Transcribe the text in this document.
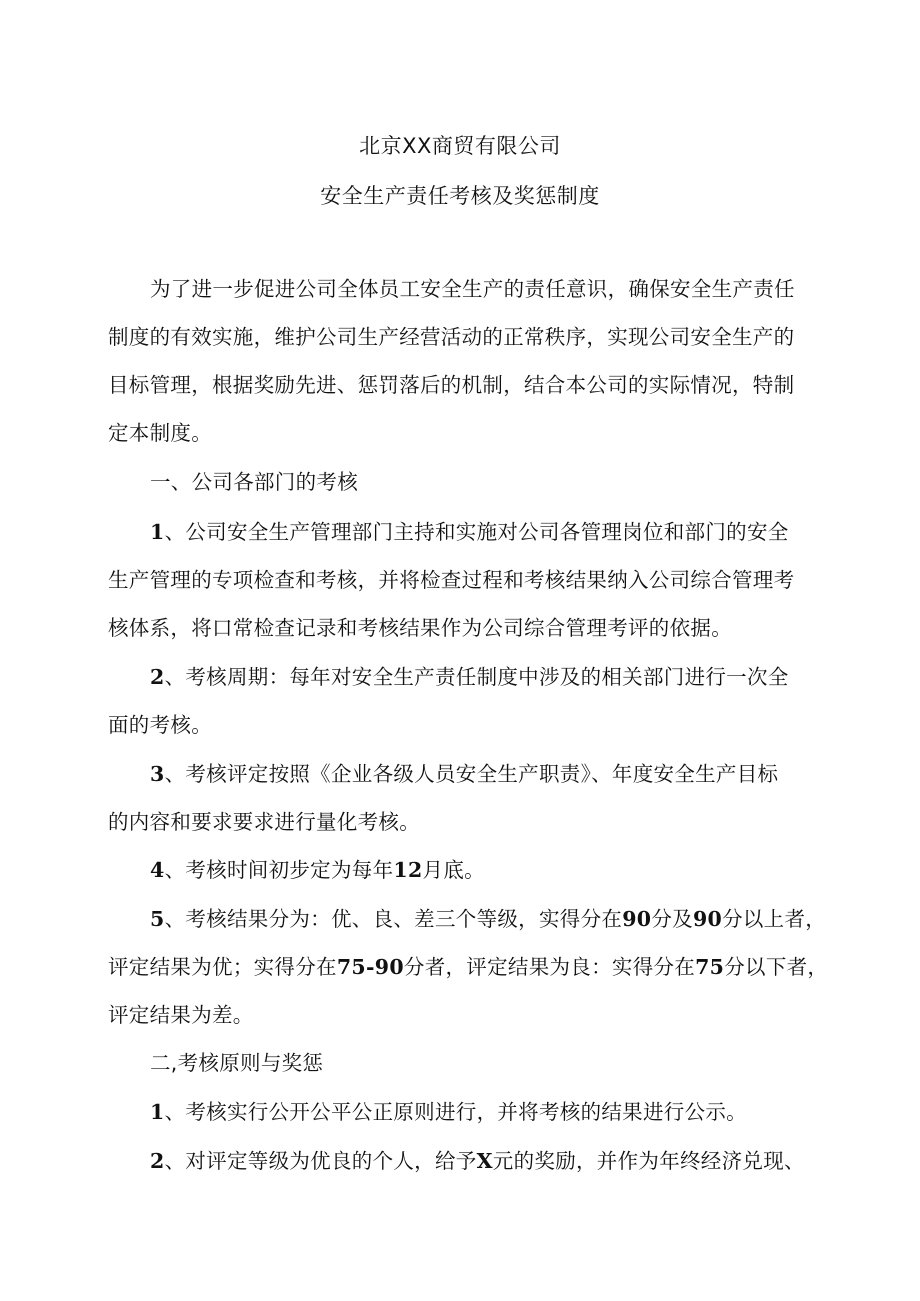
北京XX商贸有限公司
安全生产责任考核及奖惩制度
为了进一步促进公司全体员工安全生产的责任意识，确保安全生产责任
制度的有效实施，维护公司生产经营活动的正常秩序，实现公司安全生产的
目标管理，根据奖励先进、惩罚落后的机制，结合本公司的实际情况，特制
定本制度。
一、公司各部门的考核
1、公司安全生产管理部门主持和实施对公司各管理岗位和部门的安全
生产管理的专项检查和考核，并将检查过程和考核结果纳入公司综合管理考
核体系，将口常检查记录和考核结果作为公司综合管理考评的依据。
2、考核周期：每年对安全生产责任制度中涉及的相关部门进行一次全
面的考核。
3、考核评定按照《企业各级人员安全生产职责》、年度安全生产目标
的内容和要求要求进行量化考核。
4、考核时间初步定为每年12月底。
5、考核结果分为：优、良、差三个等级，实得分在90分及90分以上者，
评定结果为优；实得分在75-90分者，评定结果为良：实得分在75分以下者，
评定结果为差。
二,考核原则与奖惩
1、考核实行公开公平公正原则进行，并将考核的结果进行公示。
2、对评定等级为优良的个人，给予X元的奖励，并作为年终经济兑现、
